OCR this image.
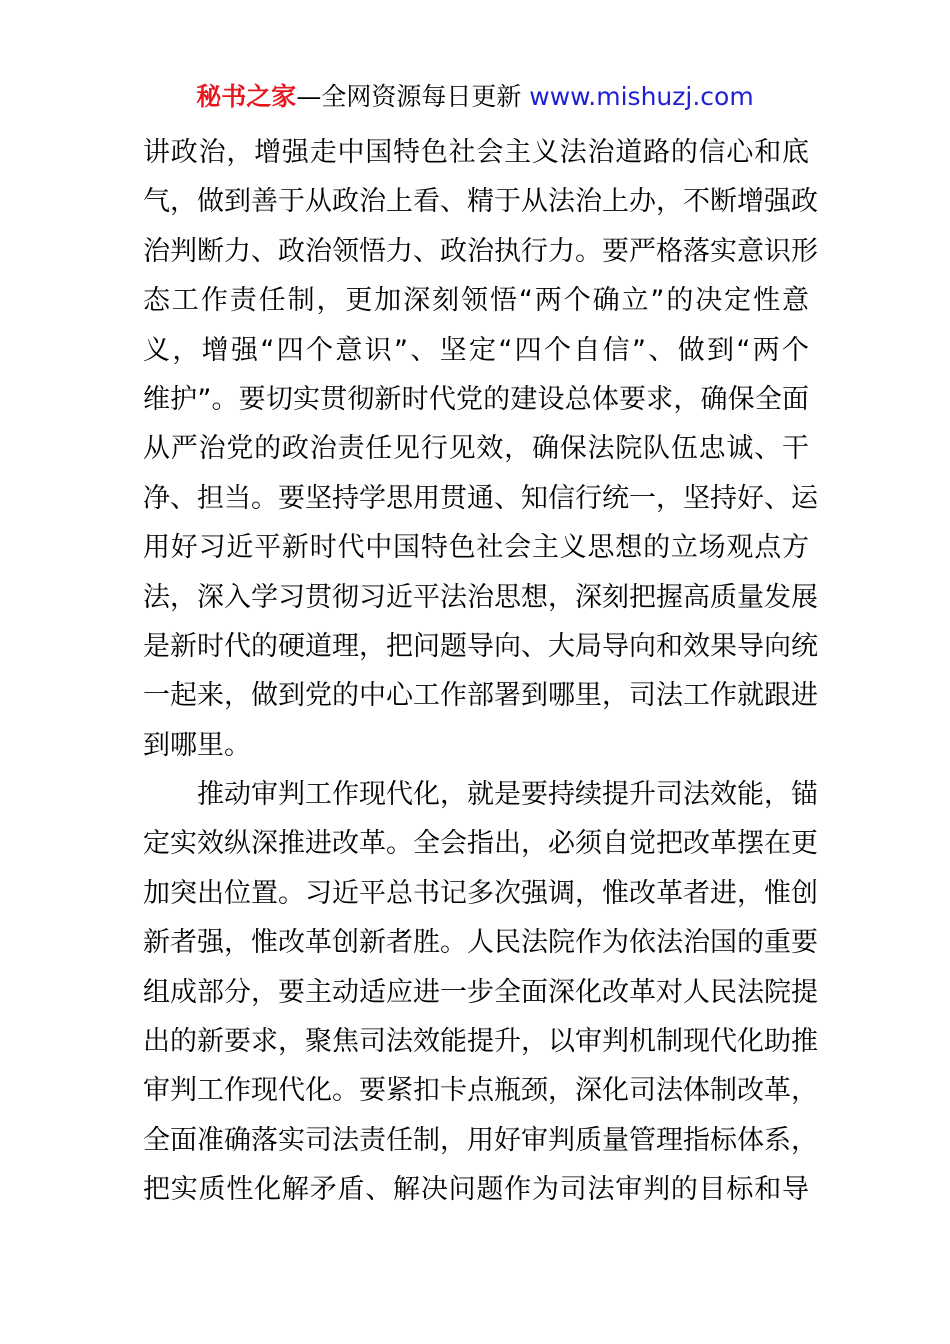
秘书之家—全网资源每日更新 www.mishuzj.com
讲政治，增强走中国特色社会主义法治道路的信心和底
气，做到善于从政治上看、精于从法治上办，不断增强政
治判断力、政治领悟力、政治执行力。要严格落实意识形
态工作责任制，更加深刻领悟“两个确立”的决定性意
义，增强“四个意识”、坚定“四个自信”、做到“两个
维护”。要切实贯彻新时代党的建设总体要求，确保全面
从严治党的政治责任见行见效，确保法院队伍忠诚、干
净、担当。要坚持学思用贯通、知信行统一，坚持好、运
用好习近平新时代中国特色社会主义思想的立场观点方
法，深入学习贯彻习近平法治思想，深刻把握高质量发展
是新时代的硬道理，把问题导向、大局导向和效果导向统
一起来，做到党的中心工作部署到哪里，司法工作就跟进
到哪里。
推动审判工作现代化，就是要持续提升司法效能，锚
定实效纵深推进改革。全会指出，必须自觉把改革摆在更
加突出位置。习近平总书记多次强调，惟改革者进，惟创
新者强，惟改革创新者胜。人民法院作为依法治国的重要
组成部分，要主动适应进一步全面深化改革对人民法院提
出的新要求，聚焦司法效能提升，以审判机制现代化助推
审判工作现代化。要紧扣卡点瓶颈，深化司法体制改革，
全面准确落实司法责任制，用好审判质量管理指标体系，
把实质性化解矛盾、解决问题作为司法审判的目标和导
